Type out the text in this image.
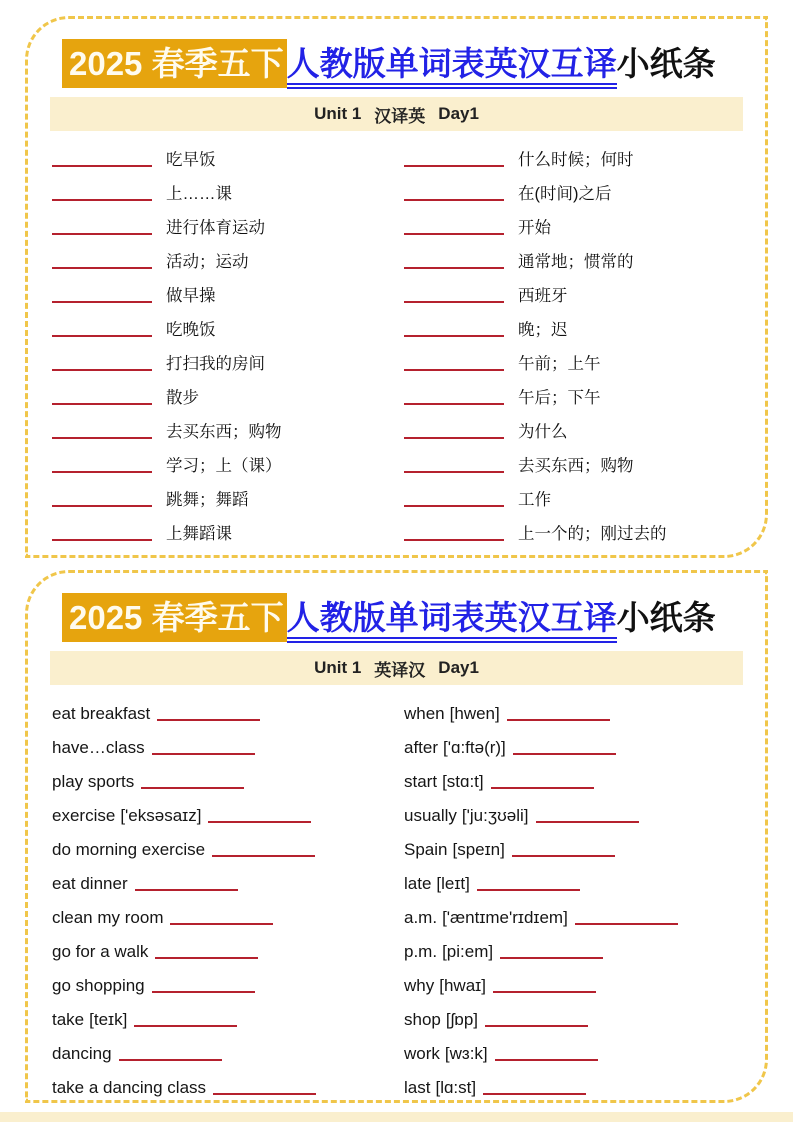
2025 春季五下人教版单词表英汉互译小纸条
Unit 1 汉译英 Day1
吃早饭
上……课
进行体育运动
活动；运动
做早操
吃晚饭
打扫我的房间
散步
去买东西；购物
学习；上（课）
跳舞；舞蹈
上舞蹈课
什么时候；何时
在(时间)之后
开始
通常地；惯常的
西班牙
晚；迟
午前；上午
午后；下午
为什么
去买东西；购物
工作
上一个的；刚过去的
2025 春季五下人教版单词表英汉互译小纸条
Unit 1 英译汉 Day1
eat breakfast
have…class
play sports
exercise ['eksəsaɪz]
do morning exercise
eat dinner
clean my room
go for a walk
go shopping
take [teɪk]
dancing
take a dancing class
when [hwen]
after ['ɑ:ftə(r)]
start [stɑ:t]
usually ['ju:ʒʊəli]
Spain [speɪn]
late [leɪt]
a.m. ['æntɪme'rɪdɪem]
p.m. [pi:em]
why [hwaɪ]
shop [ʃɒp]
work [wɜ:k]
last [lɑ:st]
